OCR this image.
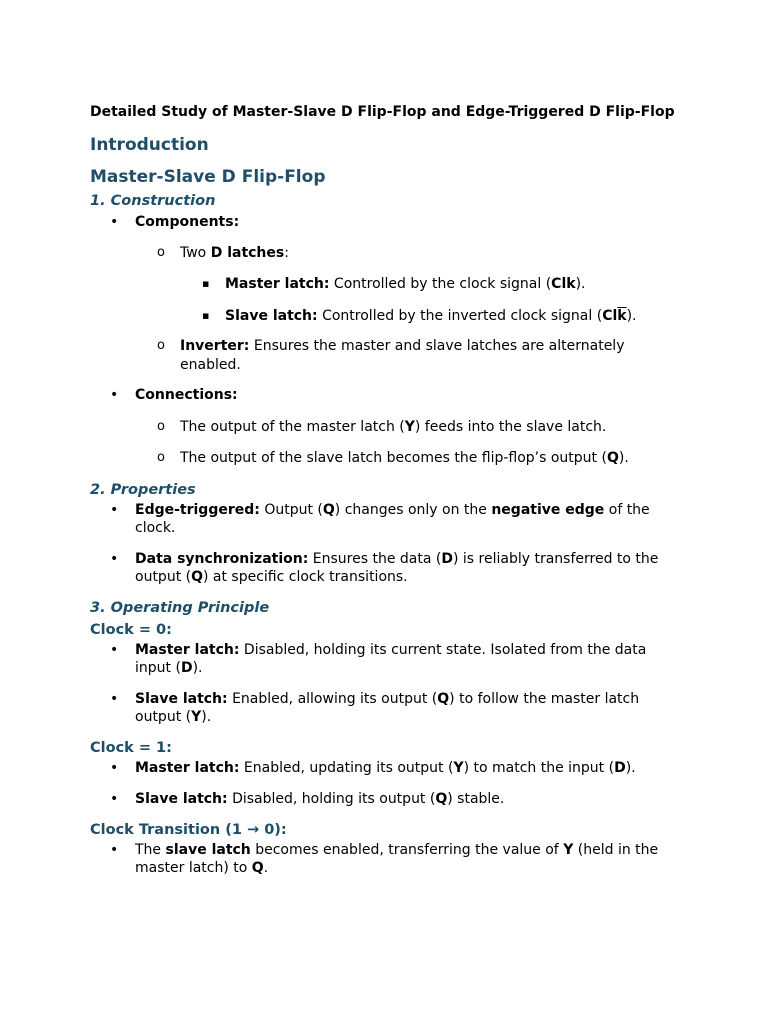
Detailed Study of Master-Slave D Flip-Flop and Edge-Triggered D Flip-Flop

Introduction

Master-Slave D Flip-Flop

1. Construction

• Components:
o Two D latches:
▪ Master latch: Controlled by the clock signal (Clk).
▪ Slave latch: Controlled by the inverted clock signal $(Cl\overline{k})$.
o Inverter: Ensures the master and slave latches are alternately enabled.
• Connections:
o The output of the master latch (Y) feeds into the slave latch.
o The output of the slave latch becomes the flip-flop’s output (Q).

2. Properties

• Edge-triggered: Output (Q) changes only on the negative edge of the clock.
• Data synchronization: Ensures the data (D) is reliably transferred to the output (Q) at specific clock transitions.

3. Operating Principle

Clock = 0:

• Master latch: Disabled, holding its current state. Isolated from the data input (D).
• Slave latch: Enabled, allowing its output (Q) to follow the master latch output (Y).

Clock = 1:

• Master latch: Enabled, updating its output (Y) to match the input (D).
• Slave latch: Disabled, holding its output (Q) stable.

Clock Transition (1 → 0):

• The slave latch becomes enabled, transferring the value of Y (held in the master latch) to Q.
